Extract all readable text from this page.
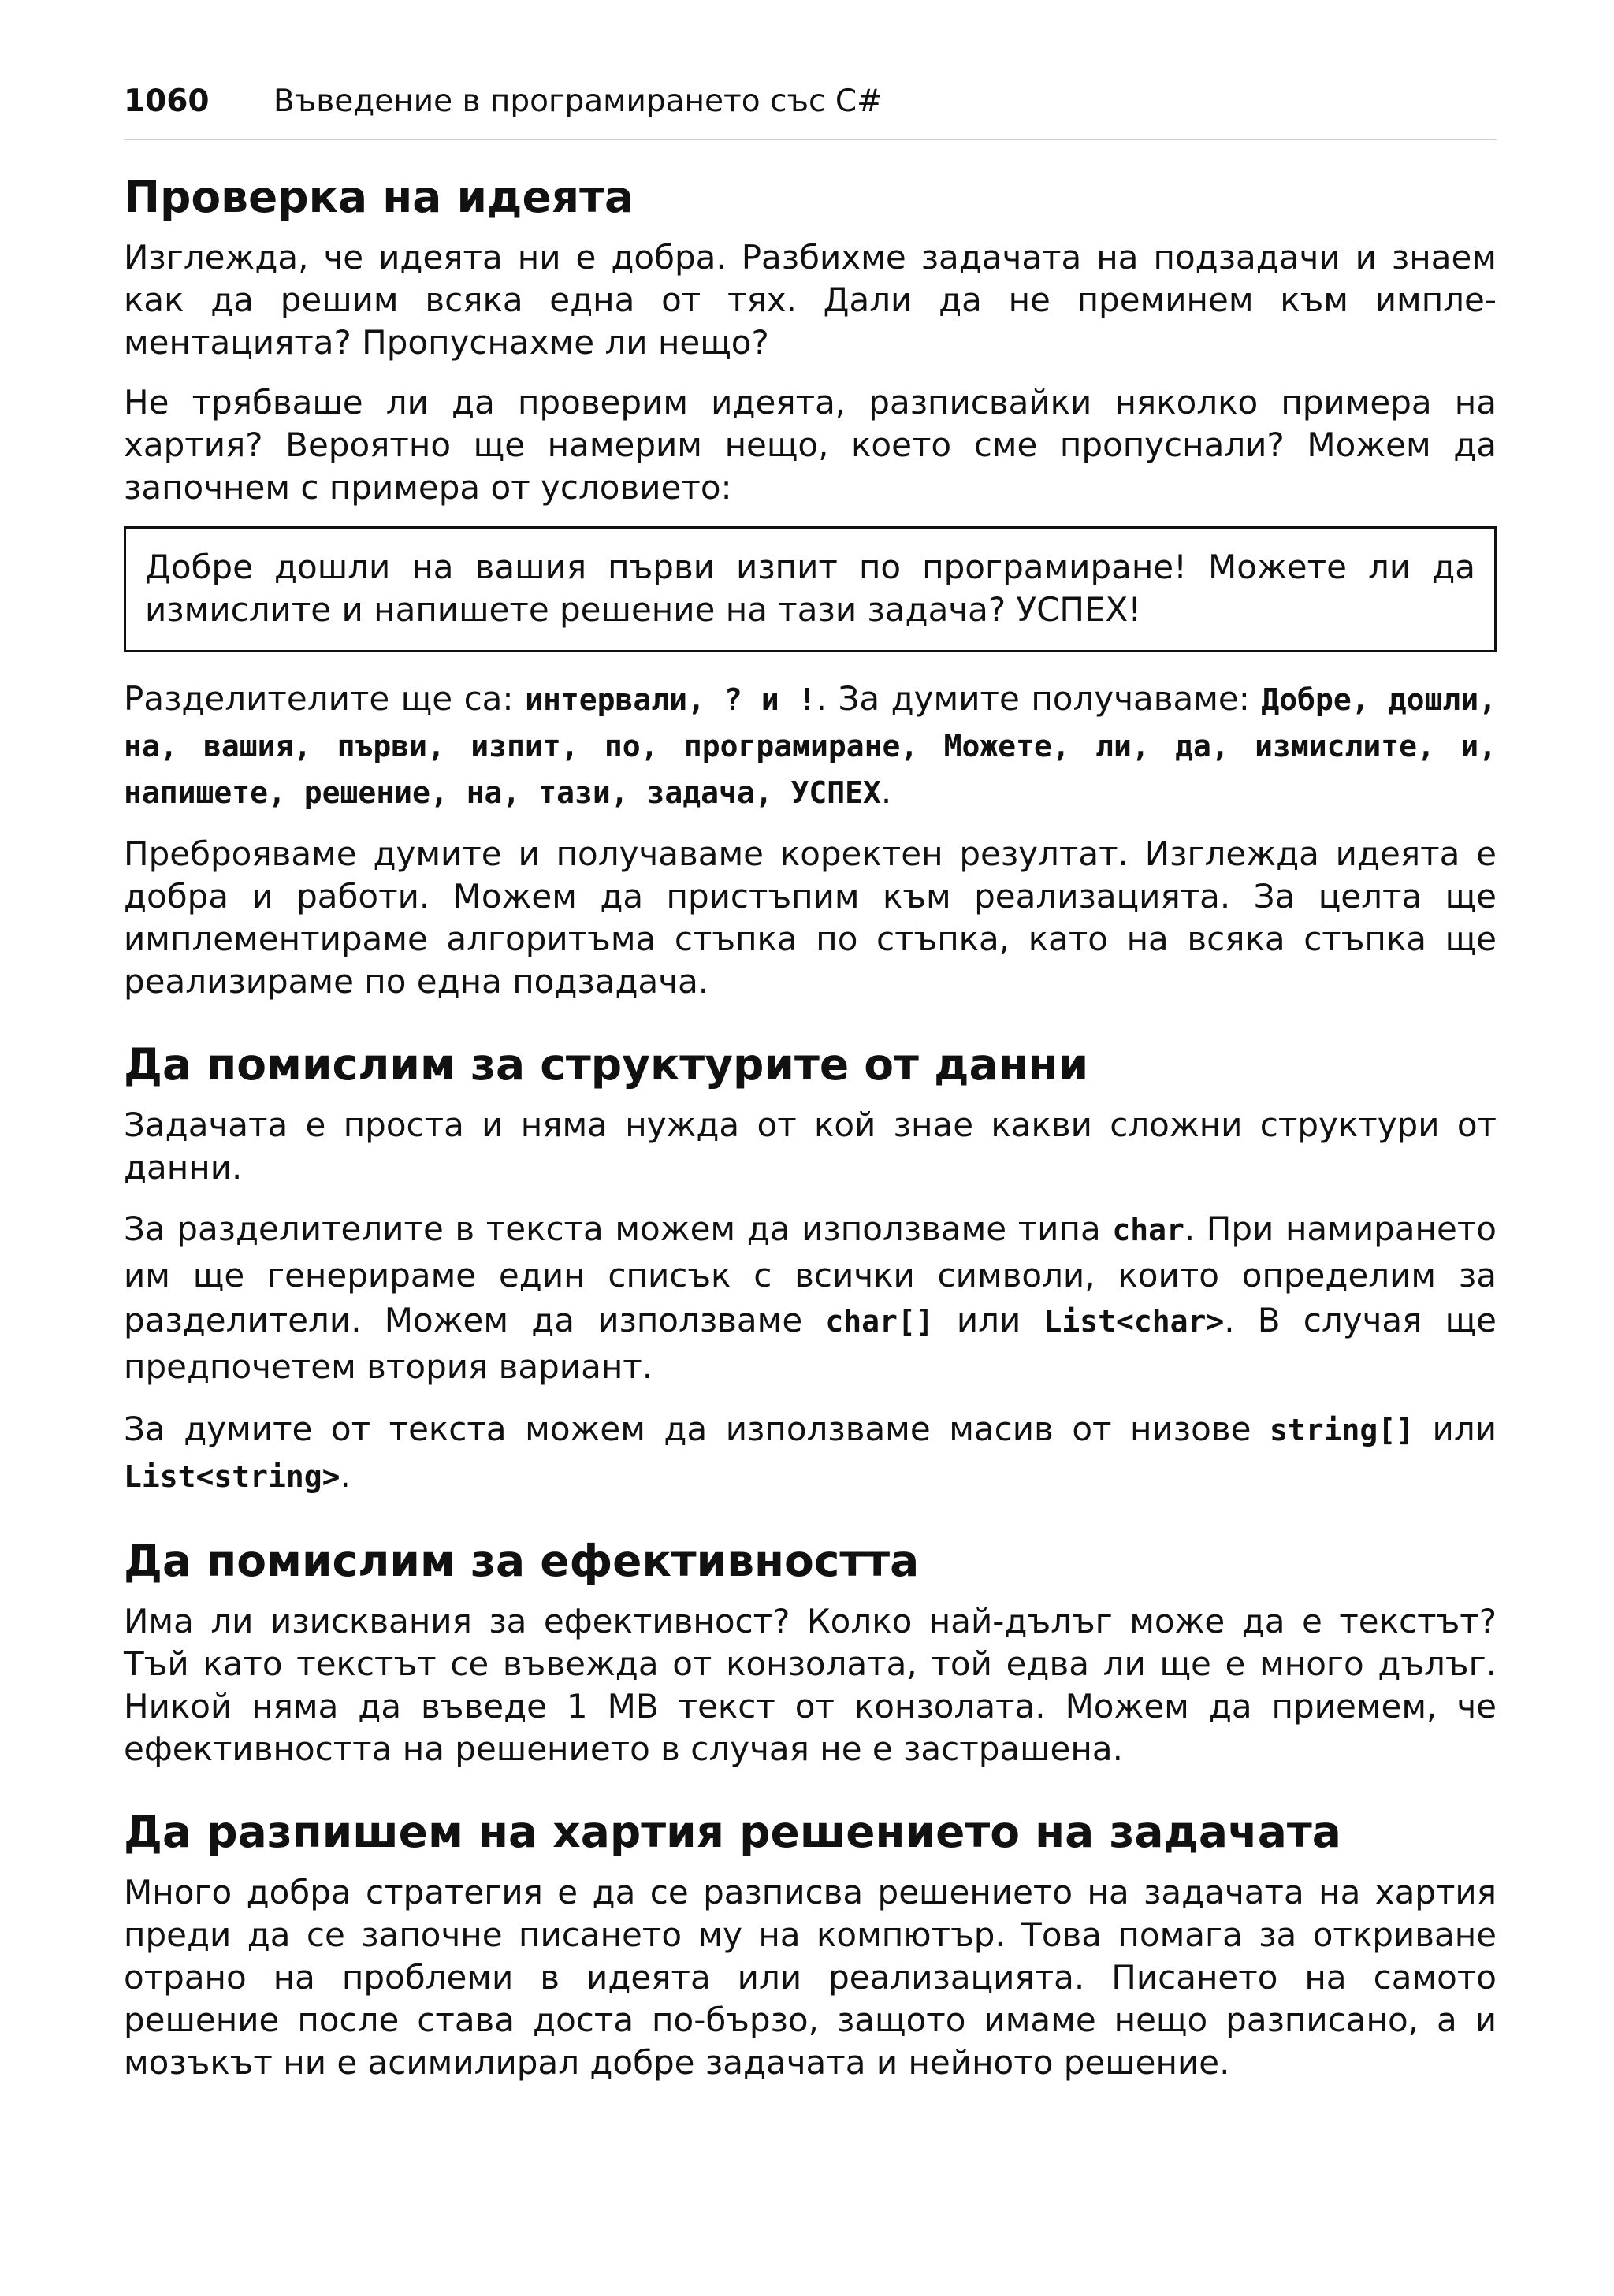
1060 Въведение в програмирането със C#
Проверка на идеята

Изглежда, че идеята ни е добра. Разбихме задачата на подзадачи и знаем как да решим всяка една от тях. Дали да не преминем към имплементацията? Пропуснахме ли нещо?

Не трябваше ли да проверим идеята, разписвайки няколко примера на хартия? Вероятно ще намерим нещо, което сме пропуснали? Можем да започнем с примера от условието:

Добре дошли на вашия първи изпит по програмиране! Можете ли да измислите и напишете решение на тази задача? УСПЕХ!

Разделителите ще са: интервали, ? и !. За думите получаваме: Добре, дошли, на, вашия, първи, изпит, по, програмиране, Можете, ли, да, измислите, и, напишете, решение, на, тази, задача, УСПЕХ.

Преброяваме думите и получаваме коректен резултат. Изглежда идеята е добра и работи. Можем да пристъпим към реализацията. За целта ще имплементираме алгоритъма стъпка по стъпка, като на всяка стъпка ще реализираме по една подзадача.

Да помислим за структурите от данни

Задачата е проста и няма нужда от кой знае какви сложни структури от данни.

За разделителите в текста можем да използваме типа char. При намирането им ще генерираме един списък с всички символи, които определим за разделители. Можем да използваме char[] или List<char>. В случая ще предпочетем втория вариант.

За думите от текста можем да използваме масив от низове string[] или List<string>.

Да помислим за ефективността

Има ли изисквания за ефективност? Колко най-дълъг може да е текстът? Тъй като текстът се въвежда от конзолата, той едва ли ще е много дълъг. Никой няма да въведе 1 MB текст от конзолата. Можем да приемем, че ефективността на решението в случая не е застрашена.

Да разпишем на хартия решението на задачата

Много добра стратегия е да се разписва решението на задачата на хартия преди да се започне писането му на компютър. Това помага за откриване отрано на проблеми в идеята или реализацията. Писането на самото решение после става доста по-бързо, защото имаме нещо разписано, а и мозъкът ни е асимилирал добре задачата и нейното решение.
